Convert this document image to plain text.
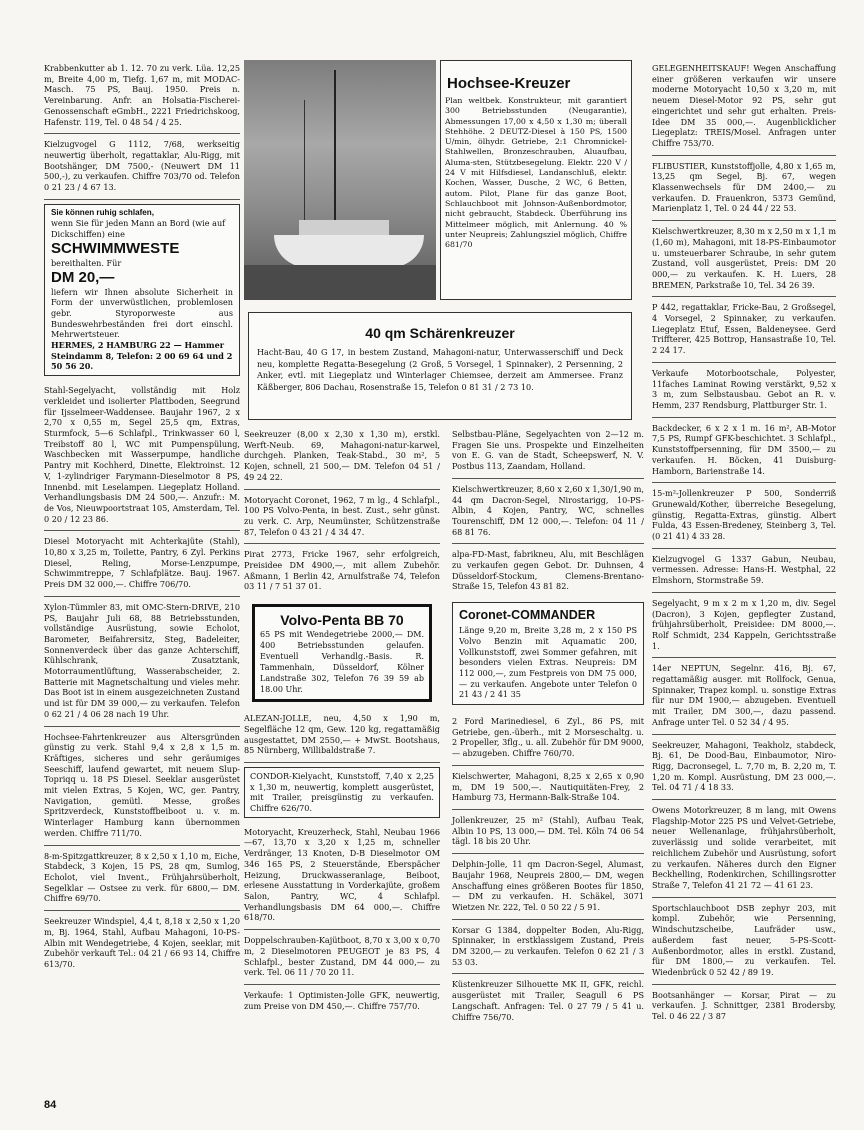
Krabbenkutter ab 1. 12. 70 zu verk. Lüa. 12,25 m, Breite 4,00 m, Tiefg. 1,67 m, mit MODAC-Masch. 75 PS, Bauj. 1950. Preis n. Vereinbarung. Anfr. an Holsatia-Fischerei-Genossenschaft eGmbH., 2221 Friedrichskoog, Hafenstr. 119, Tel. 0 48 54 / 4 25.

Kielzugvogel G 1112, 7/68, werkseitig neuwertig überholt, regattaklar, Alu-Rigg, mit Bootshänger, DM 7500,- (Neuwert DM 11 500,-), zu verkaufen. Chiffre 703/70 od. Telefon 0 21 23 / 4 67 13.

Sie können ruhig schlafen,
wenn Sie für jeden Mann an Bord (wie auf Dickschiffen) eine
SCHWIMMWESTE
bereithalten. Für
DM 20,—
liefern wir Ihnen absolute Sicherheit in Form der unverwüstlichen, problemlosen gebr. Styroporweste aus Bundeswehrbeständen frei dort einschl. Mehrwertsteuer.
HERMES, 2 HAMBURG 22 — Hammer Steindamm 8, Telefon: 2 00 69 64 und 2 50 56 20.

Stahl-Segelyacht, vollständig mit Holz verkleidet und isolierter Plattboden, Seegrund für Ijsselmeer-Waddensee. Baujahr 1967, 2 x 2,70 x 0,55 m, Segel 25,5 qm, Extras, Sturmfock, 5—6 Schlafpl., Trinkwasser 60 l, Treibstoff 80 l, WC mit Pumpenspülung, Waschbecken mit Wasserpumpe, handliche Pantry mit Kochherd, Dinette, Elektroinst. 12 V, 1-zylindriger Farymann-Dieselmotor 8 PS, Innenbd. mit Leselampen. Liegeplatz Holland. Verhandlungsbasis DM 24 500,—. Anzufr.: M. de Vos, Nieuwpoortstraat 105, Amsterdam, Tel. 0 20 / 12 23 86.

Diesel Motoryacht mit Achterkajüte (Stahl), 10,80 x 3,25 m, Toilette, Pantry, 6 Zyl. Perkins Diesel, Reling, Morse-Lenzpumpe, Schwimmtreppe, 7 Schlafplätze. Bauj. 1967. Preis DM 32 000,—. Chiffre 706/70.

Xylon-Tümmler 83, mit OMC-Stern-DRIVE, 210 PS, Baujahr Juli 68, 88 Betriebsstunden, vollständige Ausrüstung, sowie Echolot, Barometer, Beifahrersitz, Steg, Badeleiter, Sonnenverdeck über das ganze Achterschiff, Kühlschrank, Zusatztank, Motorraumentlüftung, Wasserabscheider, 2. Batterie mit Magnetschaltung und vieles mehr. Das Boot ist in einem ausgezeichneten Zustand und ist für DM 39 000,— zu verkaufen. Telefon 0 62 21 / 4 06 28 nach 19 Uhr.

Hochsee-Fahrtenkreuzer aus Altersgründen günstig zu verk. Stahl 9,4 x 2,8 x 1,5 m. Kräftiges, sicheres und sehr geräumiges Seeschiff, laufend gewartet, mit neuem Slup-Topriqq u. 18 PS Diesel. Seeklar ausgerüstet mit vielen Extras, 5 Kojen, WC, ger. Pantry, Navigation, gemütl. Messe, großes Spritzverdeck, Kunststoffbeiboot u. v. m. Winterlager Hamburg kann übernommen werden. Chiffre 711/70.

8-m-Spitzgattkreuzer, 8 x 2,50 x 1,10 m, Eiche, Stabdeck, 3 Kojen, 15 PS, 28 qm, Sumlog, Echolot, viel Invent., Frühjahrsüberholt, Segelklar — Ostsee zu verk. für 6800,— DM. Chiffre 69/70.

Seekreuzer Windspiel, 4,4 t, 8,18 x 2,50 x 1,20 m, Bj. 1964, Stahl, Aufbau Mahagoni, 10-PS-Albin mit Wendegetriebe, 4 Kojen, seeklar, mit Zubehör verkauft Tel.: 04 21 / 66 93 14, Chiffre 613/70.

Hochsee-Kreuzer
Plan weltbek. Konstrukteur, mit garantiert 300 Betriebsstunden (Neugarantie), Abmessungen 17,00 x 4,50 x 1,30 m; überall Stehhöhe. 2 DEUTZ-Diesel à 150 PS, 1500 U/min, ölhydr. Getriebe, 2:1 Chromnickel-Stahlwellen, Bronzeschrauben, Aluaufbau, Aluma-sten, Stützbesegelung. Elektr. 220 V / 24 V mit Hilfsdiesel, Landanschluß, elektr. Kochen, Wasser, Dusche, 2 WC, 6 Betten, autom. Pilot, Plane für das ganze Boot, Schlauchboot mit Johnson-Außenbordmotor, nicht gebraucht, Stabdeck. Überführung ins Mittelmeer möglich, mit Anlernung. 40 % unter Neupreis; Zahlungsziel möglich, Chiffre 681/70
40 qm Schärenkreuzer
Hacht-Bau, 40 G 17, in bestem Zustand, Mahagoni-natur, Unterwasserschiff und Deck neu, komplette Regatta-Besegelung (2 Groß, 5 Vorsegel, 1 Spinnaker), 2 Persenning, 2 Anker, evtl. mit Liegeplatz und Winterlager Chiemsee, derzeit am Ammersee. Franz Käßberger, 806 Dachau, Rosenstraße 15, Telefon 0 81 31 / 2 73 10.

Seekreuzer (8,00 x 2,30 x 1,30 m), erstkl. Werft-Neub. 69, Mahagoni-natur-karwel, durchgeh. Planken, Teak-Stabd., 30 m², 5 Kojen, schnell, 21 500,— DM. Telefon 04 51 / 49 24 22.

Motoryacht Coronet, 1962, 7 m lg., 4 Schlafpl., 100 PS Volvo-Penta, in best. Zust., sehr günst. zu verk. C. Arp, Neumünster, Schützenstraße 87, Telefon 0 43 21 / 4 34 47.

Pirat 2773, Fricke 1967, sehr erfolgreich, Preisidee DM 4900,—, mit allem Zubehör. Aßmann, 1 Berlin 42, Arnulfstraße 74, Telefon 03 11 / 7 51 37 01.

Volvo-Penta BB 70
65 PS mit Wendegetriebe 2000,— DM. 400 Betriebsstunden gelaufen. Eventuell Verhandlg.-Basis. R. Tammenhain, Düsseldorf, Kölner Landstraße 302, Telefon 76 39 59 ab 18.00 Uhr.

ALEZAN-JOLLE, neu, 4,50 x 1,90 m, Segelfläche 12 qm, Gew. 120 kg, regattamäßig ausgestattet, DM 2550,— + MwSt. Bootshaus, 85 Nürnberg, Willibaldstraße 7.

CONDOR-Kielyacht, Kunststoff, 7,40 x 2,25 x 1,30 m, neuwertig, komplett ausgerüstet, mit Trailer, preisgünstig zu verkaufen. Chiffre 626/70.

Motoryacht, Kreuzerheck, Stahl, Neubau 1966—67, 13,70 x 3,20 x 1,25 m, schneller Verdränger, 13 Knoten, D-B Dieselmotor OM 346 165 PS, 2 Steuerstände, Eberspächer Heizung, Druckwasseranlage, Beiboot, erlesene Ausstattung in Vorderkajüte, großem Salon, Pantry, WC, 4 Schlafpl. Verhandlungsbasis DM 64 000,—. Chiffre 618/70.

Doppelschrauben-Kajütboot, 8,70 x 3,00 x 0,70 m, 2 Dieselmotoren PEUGEOT je 83 PS, 4 Schlafpl., bester Zustand, DM 44 000,— zu verk. Tel. 06 11 / 70 20 11.

Verkaufe: 1 Optimisten-Jolle GFK, neuwertig, zum Preise von DM 450,—. Chiffre 757/70.

Selbstbau-Pläne, Segelyachten von 2—12 m. Fragen Sie uns. Prospekte und Einzelheiten von E. G. van de Stadt, Scheepswerf, N. V. Postbus 113, Zaandam, Holland.

Kielschwertkreuzer, 8,60 x 2,60 x 1,30/1,90 m, 44 qm Dacron-Segel, Nirostarigg, 10-PS-Albin, 4 Kojen, Pantry, WC, schnelles Tourenschiff, DM 12 000,—. Telefon: 04 11 / 68 81 76.

alpa-FD-Mast, fabrikneu, Alu, mit Beschlägen zu verkaufen gegen Gebot. Dr. Duhnsen, 4 Düsseldorf-Stockum, Clemens-Brentano-Straße 15, Telefon 43 81 82.

Coronet-COMMANDER
Länge 9,20 m, Breite 3,28 m, 2 x 150 PS Volvo Benzin mit Aquamatic 200, Vollkunststoff, zwei Sommer gefahren, mit besonders vielen Extras. Neupreis: DM 112 000,—, zum Festpreis von DM 75 000,— zu verkaufen. Angebote unter Telefon 0 21 43 / 2 41 35

2 Ford Marinediesel, 6 Zyl., 86 PS, mit Getriebe, gen.-überh., mit 2 Morseschaltg. u. 2 Propeller, 3flg., u. all. Zubehör für DM 9000,— abzugeben. Chiffre 760/70.

Kielschwerter, Mahagoni, 8,25 x 2,65 x 0,90 m, DM 19 500,—. Nautiquitäten-Frey, 2 Hamburg 73, Hermann-Balk-Straße 104.

Jollenkreuzer, 25 m² (Stahl), Aufbau Teak, Albin 10 PS, 13 000,— DM. Tel. Köln 74 06 54 tägl. 18 bis 20 Uhr.

Delphin-Jolle, 11 qm Dacron-Segel, Alumast, Baujahr 1968, Neupreis 2800,— DM, wegen Anschaffung eines größeren Bootes für 1850,— DM zu verkaufen. H. Schäkel, 3071 Wietzen Nr. 222, Tel. 0 50 22 / 5 91.

Korsar G 1384, doppelter Boden, Alu-Rigg, Spinnaker, in erstklassigem Zustand, Preis DM 3200,— zu verkaufen. Telefon 0 62 21 / 3 53 03.

Küstenkreuzer Silhouette MK II, GFK, reichl. ausgerüstet mit Trailer, Seagull 6 PS Langschaft. Anfragen: Tel. 0 27 79 / 5 41 u. Chiffre 756/70.

GELEGENHEITSKAUF! Wegen Anschaffung einer größeren verkaufen wir unsere moderne Motoryacht 10,50 x 3,20 m, mit neuem Diesel-Motor 92 PS, sehr gut eingerichtet und sehr gut erhalten. Preis-Idee DM 35 000,—. Augenblicklicher Liegeplatz: TREIS/Mosel. Anfragen unter Chiffre 753/70.

FLIBUSTIER, Kunststoffjolle, 4,80 x 1,65 m, 13,25 qm Segel, Bj. 67, wegen Klassenwechsels für DM 2400,— zu verkaufen. D. Frauenkron, 5373 Gemünd, Marienplatz 1, Tel. 0 24 44 / 22 53.

Kielschwertkreuzer, 8,30 m x 2,50 m x 1,1 m (1,60 m), Mahagoni, mit 18-PS-Einbaumotor u. umsteuerbarer Schraube, in sehr gutem Zustand, voll ausgerüstet, Preis: DM 20 000,— zu verkaufen. K. H. Luers, 28 BREMEN, Parkstraße 10, Tel. 34 26 39.

P 442, regattaklar, Fricke-Bau, 2 Großsegel, 4 Vorsegel, 2 Spinnaker, zu verkaufen. Liegeplatz Etuf, Essen, Baldeneysee. Gerd Triffterer, 425 Bottrop, Hansastraße 10, Tel. 2 24 17.

Verkaufe Motorbootschale, Polyester, 11faches Laminat Rowing verstärkt, 9,52 x 3 m, zum Selbstausbau. Gebot an R. v. Hemm, 237 Rendsburg, Plattburger Str. 1.

Backdecker, 6 x 2 x 1 m. 16 m², AB-Motor 7,5 PS, Rumpf GFK-beschichtet. 3 Schlafpl., Kunststoffpersenning, für DM 3500,— zu verkaufen. H. Böcken, 41 Duisburg-Hamborn, Barienstraße 14.

15-m²-Jollenkreuzer P 500, Sonderriß Grunewald/Kother, überreiche Besegelung, günstig, Regatta-Extras, günstig. Albert Fulda, 43 Essen-Bredeney, Steinberg 3, Tel. (0 21 41) 4 33 28.

Kielzugvogel G 1337 Gabun, Neubau, vermessen. Adresse: Hans-H. Westphal, 22 Elmshorn, Stormstraße 59.

Segelyacht, 9 m x 2 m x 1,20 m, div. Segel (Dacron), 3 Kojen, gepflegter Zustand, frühjahrsüberholt, Preisidee: DM 8000,—. Rolf Schmidt, 234 Kappeln, Gerichtsstraße 1.

14er NEPTUN, Segelnr. 416, Bj. 67, regattamäßig ausger. mit Rollfock, Genua, Spinnaker, Trapez kompl. u. sonstige Extras für nur DM 1900,— abzugeben. Eventuell mit Trailer, DM 300,—, dazu passend. Anfrage unter Tel. 0 52 34 / 4 95.

Seekreuzer, Mahagoni, Teakholz, stabdeck, Bj. 61, De Dood-Bau, Einbaumotor, Niro-Rigg, Dacronsegel, L. 7,70 m, B. 2,20 m, T. 1,20 m. Kompl. Ausrüstung, DM 23 000,—. Tel. 04 71 / 4 18 33.

Owens Motorkreuzer, 8 m lang, mit Owens Flagship-Motor 225 PS und Velvet-Getriebe, neuer Wellenanlage, frühjahrsüberholt, zuverlässig und solide verarbeitet, mit reichlichem Zubehör und Ausrüstung, sofort zu verkaufen. Näheres durch den Eigner Beckhelling, Rodenkirchen, Schillingsrotter Straße 7, Telefon 41 21 72 — 41 61 23.

Sportschlauchboot DSB zephyr 203, mit kompl. Zubehör, wie Persenning, Windschutzscheibe, Laufräder usw., außerdem fast neuer, 5-PS-Scott-Außenbordmotor, alles in erstkl. Zustand, für DM 1800,— zu verkaufen. Tel. Wiedenbrück 0 52 42 / 89 19.

Bootsanhänger — Korsar, Pirat — zu verkaufen. J. Schnittger, 2381 Brodersby, Tel. 0 46 22 / 3 87

84
